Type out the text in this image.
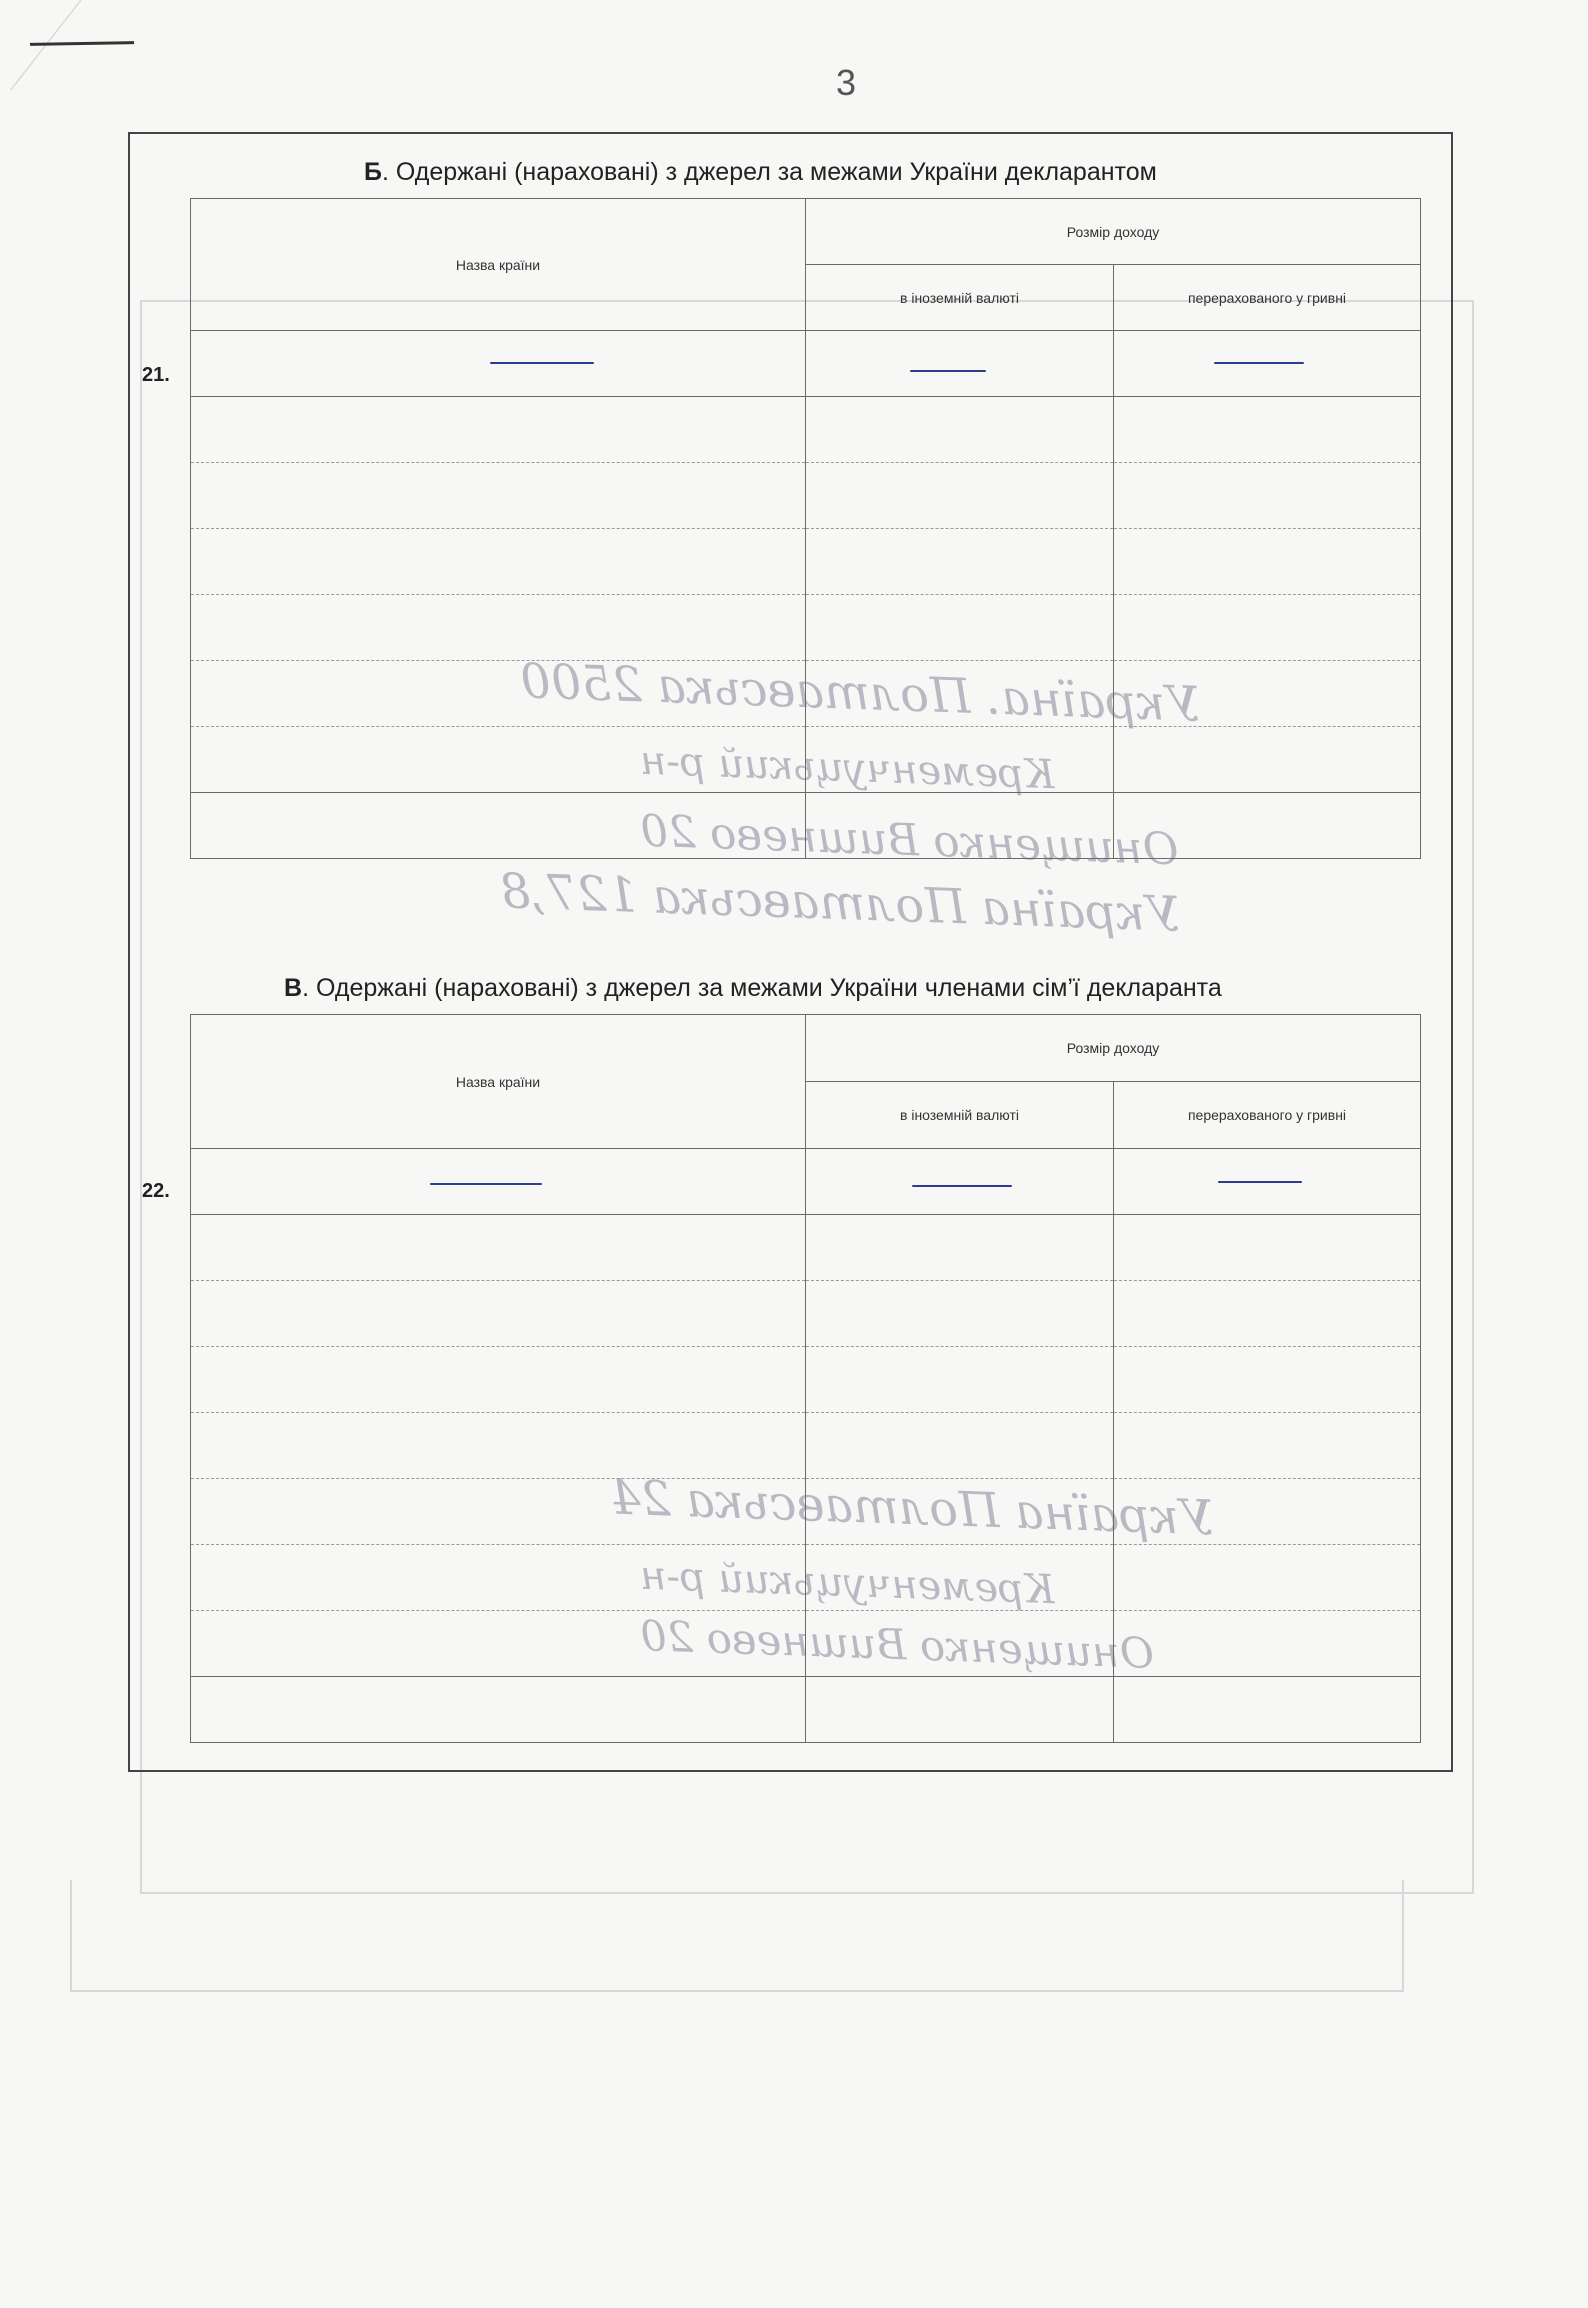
3
Україна. Полтавська 2500
Кременчуцький р-н
Онищенко Вишнево 20
Україна Полтавська 127,8
Україна Полтавська 24
Кременчуцький р-н
Онищенко Вишнево 20
Б. Одержані (нараховані) з джерел за межами України декларантом
Назва країни	Розмір доходу	
	в іноземній валюті	перерахованого у гривні

21.
В. Одержані (нараховані) з джерел за межами України членами сім’ї декларанта
Назва країни	Розмір доходу	
	в іноземній валюті	перерахованого у гривні

22.
